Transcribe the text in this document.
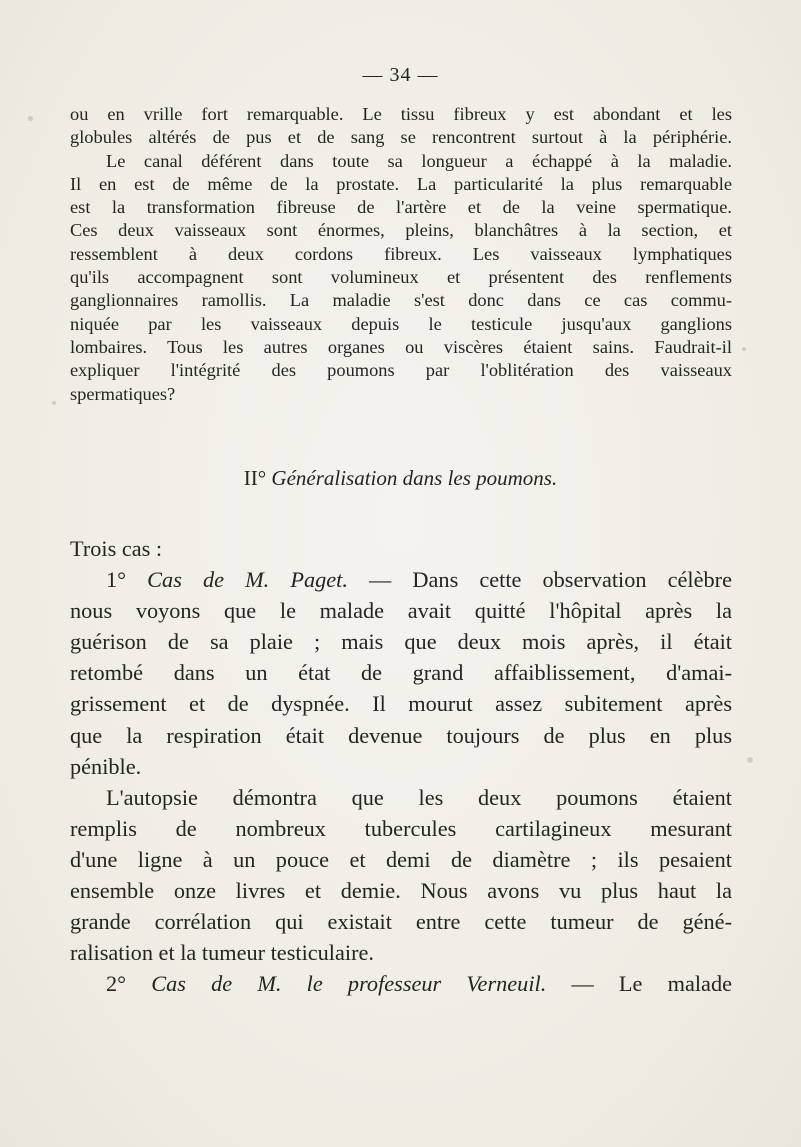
— 34 —
ou en vrille fort remarquable. Le tissu fibreux y est abondant et les
globules altérés de pus et de sang se rencontrent surtout à la périphérie.
Le canal déférent dans toute sa longueur a échappé à la maladie.
Il en est de même de la prostate. La particularité la plus remarquable
est la transformation fibreuse de l'artère et de la veine spermatique.
Ces deux vaisseaux sont énormes, pleins, blanchâtres à la section, et
ressemblent à deux cordons fibreux. Les vaisseaux lymphatiques
qu'ils accompagnent sont volumineux et présentent des renflements
ganglionnaires ramollis. La maladie s'est donc dans ce cas commu-
niquée par les vaisseaux depuis le testicule jusqu'aux ganglions
lombaires. Tous les autres organes ou viscères étaient sains. Faudrait-il
expliquer l'intégrité des poumons par l'oblitération des vaisseaux
spermatiques?
II° Généralisation dans les poumons.
Trois cas :
1° Cas de M. Paget. — Dans cette observation célèbre
nous voyons que le malade avait quitté l'hôpital après la
guérison de sa plaie ; mais que deux mois après, il était
retombé dans un état de grand affaiblissement, d'amai-
grissement et de dyspnée. Il mourut assez subitement après
que la respiration était devenue toujours de plus en plus
pénible.
L'autopsie démontra que les deux poumons étaient
remplis de nombreux tubercules cartilagineux mesurant
d'une ligne à un pouce et demi de diamètre ; ils pesaient
ensemble onze livres et demie. Nous avons vu plus haut la
grande corrélation qui existait entre cette tumeur de géné-
ralisation et la tumeur testiculaire.
2° Cas de M. le professeur Verneuil. — Le malade
